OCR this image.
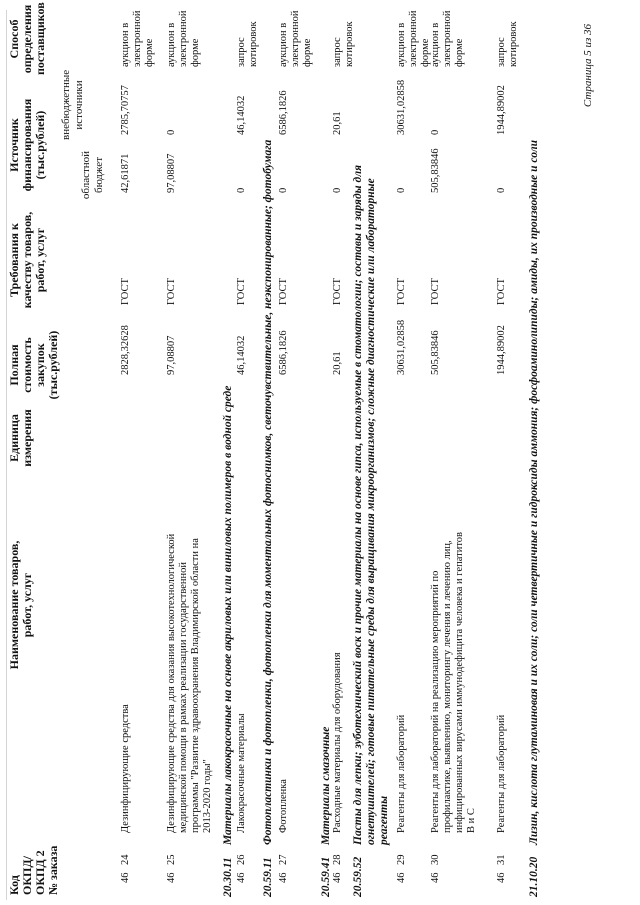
Код
ОКПД/
ОКПД 2
№ заказа
Наименование товаров,
работ, услуг
Единица
измерения
Полная
стоимость
закупок
(тыс.рублей)
Требования к
качеству товаров,
работ, услуг
Источник
финансирования
(тыс.рублей)	областной
бюджет
внебюджетные
источники
Способ
определения
поставщиков
46
24
Дезинфицирующие средства
2828,32628
ГОСТ
42,61871
2785,70757
аукцион в
электронной
форме
46
25
Дезинфицирующие средства для оказания высокотехнологической
медицинской помощи в рамках реализации государственной
программы "Развитие здравоохранения Владимирской области на
2013-2020 годы"
97,08807
ГОСТ
97,08807
0
аукцион в
электронной
форме
20.30.11
Материалы лакокрасочные на основе акриловых или виниловых полимеров в водной среде
46
26
Лакокрасочные материалы
46,14032
ГОСТ
0
46,14032
запрос
котировок
20.59.11
Фотопластинки и фотопленки, фотопленки для моментальных фотоснимков, светочувствительные, неэкспонированные; фотобумага
46
27
Фотопленка
6586,1826
ГОСТ
0
6586,1826
аукцион в
электронной
форме
20.59.41
Материалы смазочные
46
28
Расходные материалы для оборудования
20,61
ГОСТ
0
20,61
запрос
котировок
20.59.52
Пасты для лепки; зуботехнический воск и прочие материалы на основе гипса, используемые в стоматологии; составы и заряды для
огнетушителей; готовые питательные среды для выращивания микроорганизмов; сложные диагностические или лабораторные
реагенты
46
29
Реагенты для лабораторий
30631,02858
ГОСТ
0
30631,02858
аукцион в
электронной
форме
46
30
Реагенты для лабораторий на реализацию мероприятий по
профилактике, выявлению, мониторингу лечения и лечению лиц,
инфицированных вирусами иммунодефицита человека и гепатитов
В и С
505,83846
ГОСТ
505,83846
0
аукцион в
электронной
форме
46
31
Реагенты для лабораторий
1944,89002
ГОСТ
0
1944,89002
запрос
котировок
21.10.20
Лизин, кислота глутаминовая и их соли; соли четвертичные и гидроксиды аммония; фосфоаминолипиды; амиды, их производные и соли
Страница 5 из 36
